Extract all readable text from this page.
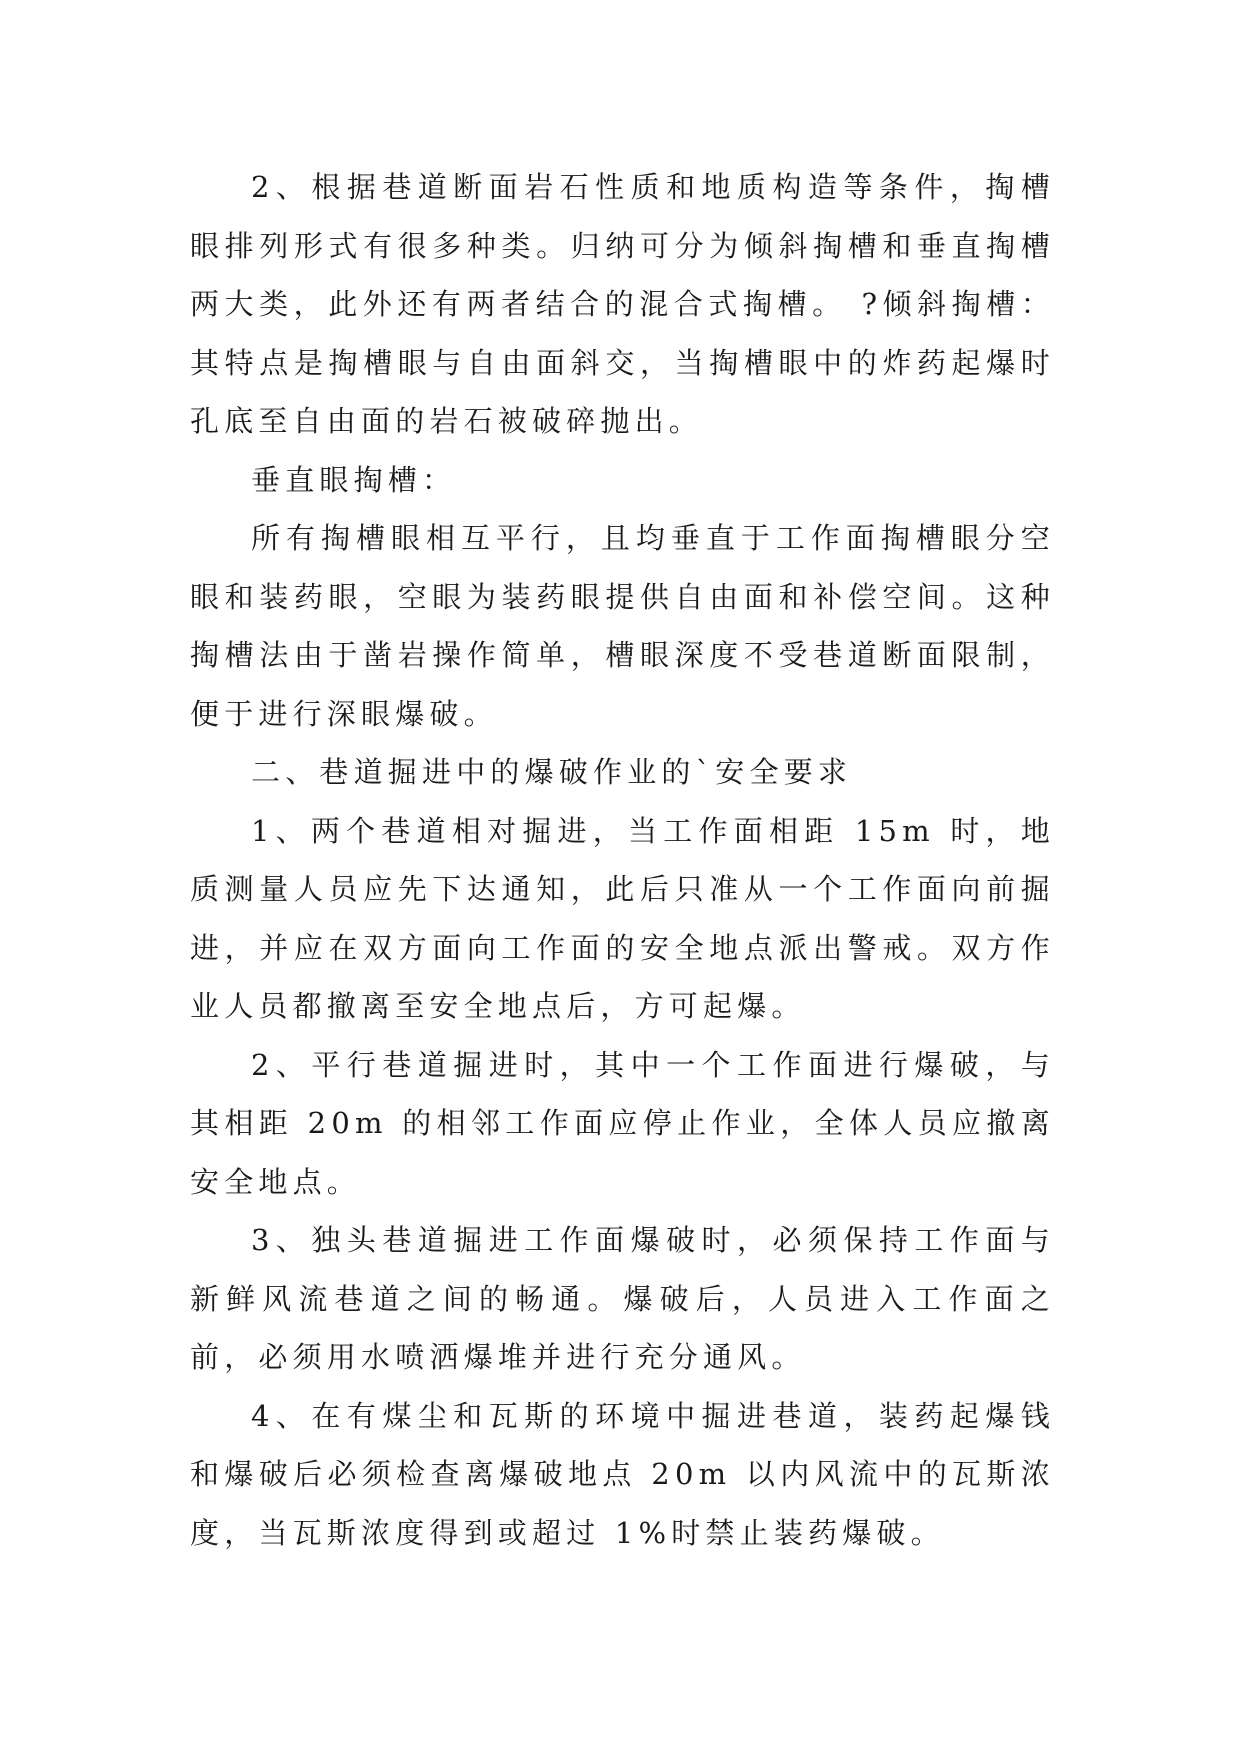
2、根据巷道断面岩石性质和地质构造等条件，掏槽眼排列形式有很多种类。归纳可分为倾斜掏槽和垂直掏槽两大类，此外还有两者结合的混合式掏槽。 ?倾斜掏槽：其特点是掏槽眼与自由面斜交，当掏槽眼中的炸药起爆时孔底至自由面的岩石被破碎抛出。

垂直眼掏槽：

所有掏槽眼相互平行，且均垂直于工作面掏槽眼分空眼和装药眼，空眼为装药眼提供自由面和补偿空间。这种掏槽法由于凿岩操作简单，槽眼深度不受巷道断面限制，便于进行深眼爆破。

二、巷道掘进中的爆破作业的`安全要求

1、两个巷道相对掘进，当工作面相距 15m 时，地质测量人员应先下达通知，此后只准从一个工作面向前掘进，并应在双方面向工作面的安全地点派出警戒。双方作业人员都撤离至安全地点后，方可起爆。

2、平行巷道掘进时，其中一个工作面进行爆破，与其相距 20m 的相邻工作面应停止作业，全体人员应撤离安全地点。

3、独头巷道掘进工作面爆破时，必须保持工作面与新鲜风流巷道之间的畅通。爆破后，人员进入工作面之前，必须用水喷洒爆堆并进行充分通风。

4、在有煤尘和瓦斯的环境中掘进巷道，装药起爆钱和爆破后必须检查离爆破地点 20m 以内风流中的瓦斯浓度，当瓦斯浓度得到或超过 1%时禁止装药爆破。
